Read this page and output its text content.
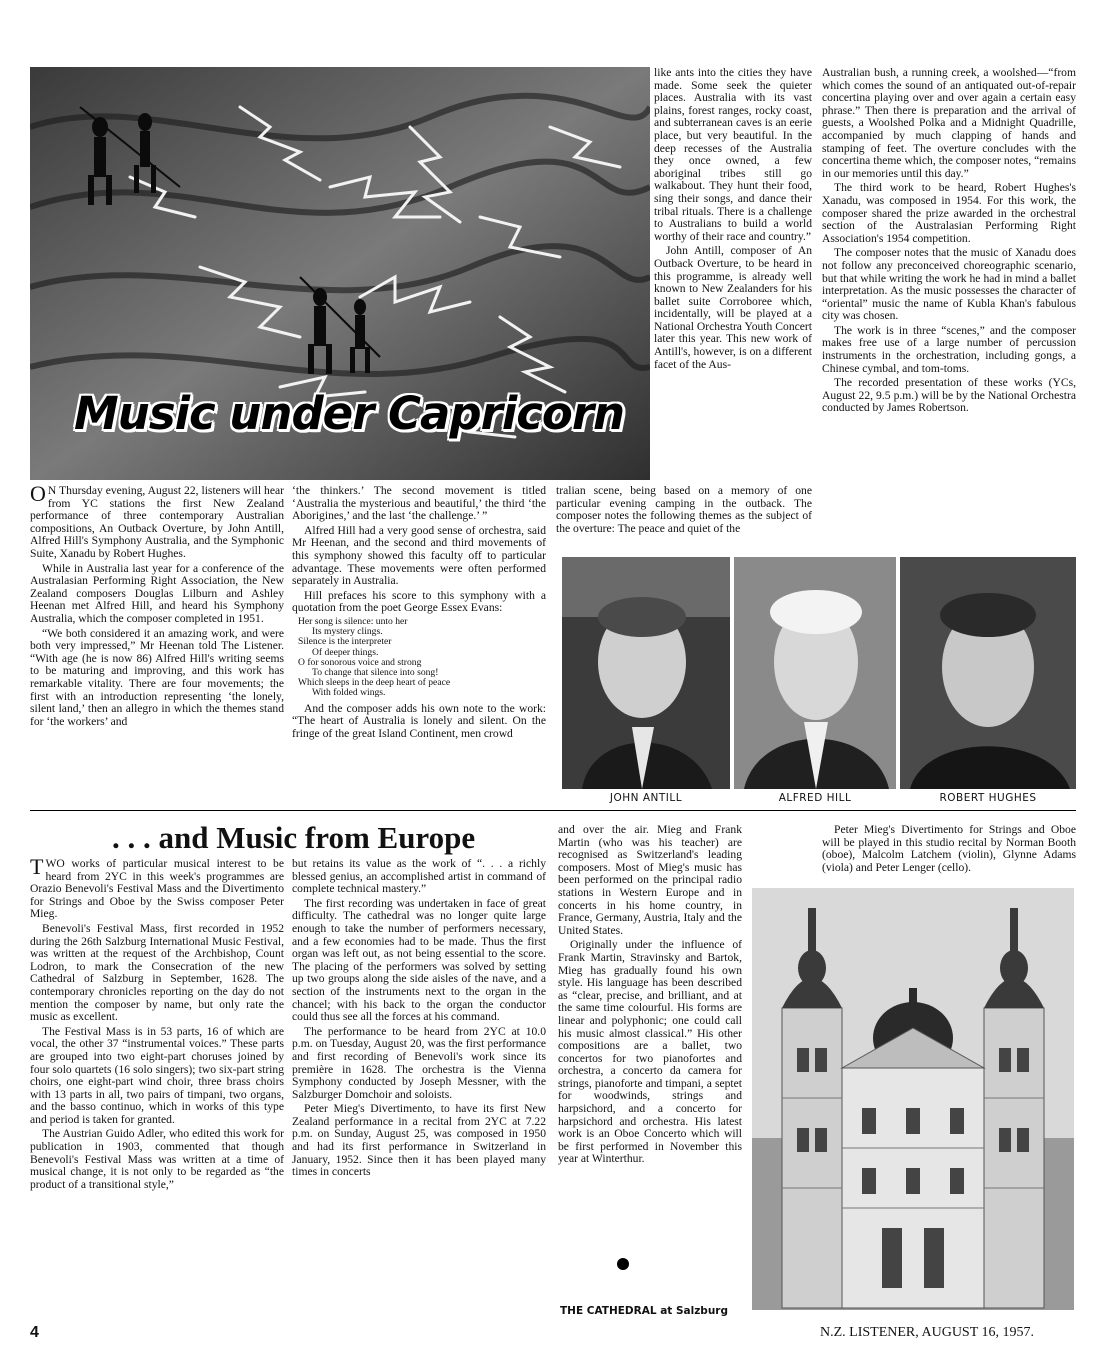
Music under Capricorn

O N Thursday evening, August 22, listeners will hear from YC stations the first New Zealand performance of three contemporary Australian compositions, An Outback Overture, by John Antill, Alfred Hill's Symphony Australia, and the Symphonic Suite, Xanadu by Robert Hughes.

While in Australia last year for a conference of the Australasian Performing Right Association, the New Zealand composers Douglas Lilburn and Ashley Heenan met Alfred Hill, and heard his Symphony Australia, which the composer completed in 1951.

“We both considered it an amazing work, and were both very impressed,” Mr Heenan told The Listener. “With age (he is now 86) Alfred Hill's writing seems to be maturing and improving, and this work has remarkable vitality. There are four movements; the first with an introduction representing ‘the lonely, silent land,’ then an allegro in which the themes stand for ‘the workers’ and

‘the thinkers.’ The second movement is titled ‘Australia the mysterious and beautiful,’ the third ‘the Aborigines,’ and the last ‘the challenge.’ ”

Alfred Hill had a very good sense of orchestra, said Mr Heenan, and the second and third movements of this symphony showed this faculty off to particular advantage. These movements were often performed separately in Australia.

Hill prefaces his score to this symphony with a quotation from the poet George Essex Evans:

Her song is silence: unto her
Its mystery clings.
Silence is the interpreter
Of deeper things.
O for sonorous voice and strong
To change that silence into song!
Which sleeps in the deep heart of peace
With folded wings.

And the composer adds his own note to the work: “The heart of Australia is lonely and silent. On the fringe of the great Island Continent, men crowd

like ants into the cities they have made. Some seek the quieter places. Australia with its vast plains, forest ranges, rocky coast, and subterranean caves is an eerie place, but very beautiful. In the deep recesses of the Australia they once owned, a few aboriginal tribes still go walkabout. They hunt their food, sing their songs, and dance their tribal rituals. There is a challenge to Australians to build a world worthy of their race and country.”

John Antill, composer of An Outback Overture, to be heard in this programme, is already well known to New Zealanders for his ballet suite Corroboree which, incidentally, will be played at a National Orchestra Youth Concert later this year. This new work of Antill's, however, is on a different facet of the Aus-

tralian scene, being based on a memory of one particular evening camping in the outback. The composer notes the following themes as the subject of the overture: The peace and quiet of the

Australian bush, a running creek, a woolshed—“from which comes the sound of an antiquated out-of-repair concertina playing over and over again a certain easy phrase.” Then there is preparation and the arrival of guests, a Woolshed Polka and a Midnight Quadrille, accompanied by much clapping of hands and stamping of feet. The overture concludes with the concertina theme which, the composer notes, “remains in our memories until this day.”

The third work to be heard, Robert Hughes's Xanadu, was composed in 1954. For this work, the composer shared the prize awarded in the orchestral section of the Australasian Performing Right Association's 1954 competition.

The composer notes that the music of Xanadu does not follow any preconceived choreographic scenario, but that while writing the work he had in mind a ballet interpretation. As the music possesses the character of “oriental” music the name of Kubla Khan's fabulous city was chosen.

The work is in three “scenes,” and the composer makes free use of a large number of percussion instruments in the orchestration, including gongs, a Chinese cymbal, and tom-toms.

The recorded presentation of these works (YCs, August 22, 9.5 p.m.) will be by the National Orchestra conducted by James Robertson.

JOHN ANTILL	ALFRED HILL	ROBERT HUGHES
. . . and Music from Europe

TWO works of particular musical interest to be heard from 2YC in this week's programmes are Orazio Benevoli's Festival Mass and the Divertimento for Strings and Oboe by the Swiss composer Peter Mieg.

Benevoli's Festival Mass, first recorded in 1952 during the 26th Salzburg International Music Festival, was written at the request of the Archbishop, Count Lodron, to mark the Consecration of the new Cathedral of Salzburg in September, 1628. The contemporary chronicles reporting on the day do not mention the composer by name, but only rate the music as excellent.

The Festival Mass is in 53 parts, 16 of which are vocal, the other 37 “instrumental voices.” These parts are grouped into two eight-part choruses joined by four solo quartets (16 solo singers); two six-part string choirs, one eight-part wind choir, three brass choirs with 13 parts in all, two pairs of timpani, two organs, and the basso continuo, which in works of this type and period is taken for granted.

The Austrian Guido Adler, who edited this work for publication in 1903, commented that though Benevoli's Festival Mass was written at a time of musical change, it is not only to be regarded as “the product of a transitional style,”

but retains its value as the work of “. . . a richly blessed genius, an accomplished artist in command of complete technical mastery.”

The first recording was undertaken in face of great difficulty. The cathedral was no longer quite large enough to take the number of performers necessary, and a few economies had to be made. Thus the first organ was left out, as not being essential to the score. The placing of the performers was solved by setting up two groups along the side aisles of the nave, and a section of the instruments next to the organ in the chancel; with his back to the organ the conductor could thus see all the forces at his command.

The performance to be heard from 2YC at 10.0 p.m. on Tuesday, August 20, was the first performance and first recording of Benevoli's work since its première in 1628. The orchestra is the Vienna Symphony conducted by Joseph Messner, with the Salzburger Domchoir and soloists.

Peter Mieg's Divertimento, to have its first New Zealand performance in a recital from 2YC at 7.22 p.m. on Sunday, August 25, was composed in 1950 and had its first performance in Switzerland in January, 1952. Since then it has been played many times in concerts

and over the air. Mieg and Frank Martin (who was his teacher) are recognised as Switzerland's leading composers. Most of Mieg's music has been performed on the principal radio stations in Western Europe and in concerts in his home country, in France, Germany, Austria, Italy and the United States.

Originally under the influence of Frank Martin, Stravinsky and Bartok, Mieg has gradually found his own style. His language has been described as “clear, precise, and brilliant, and at the same time colourful. His forms are linear and polyphonic; one could call his music almost classical.” His other compositions are a ballet, two concertos for two pianofortes and orchestra, a concerto da camera for strings, pianoforte and timpani, a septet for woodwinds, strings and harpsichord, and a concerto for harpsichord and orchestra. His latest work is an Oboe Concerto which will be first performed in November this year at Winterthur.

Peter Mieg's Divertimento for Strings and Oboe will be played in this studio recital by Norman Booth (oboe), Malcolm Latchem (violin), Glynne Adams (viola) and Peter Lenger (cello).

THE CATHEDRAL at Salzburg
4	N.Z. LISTENER, AUGUST 16, 1957.
